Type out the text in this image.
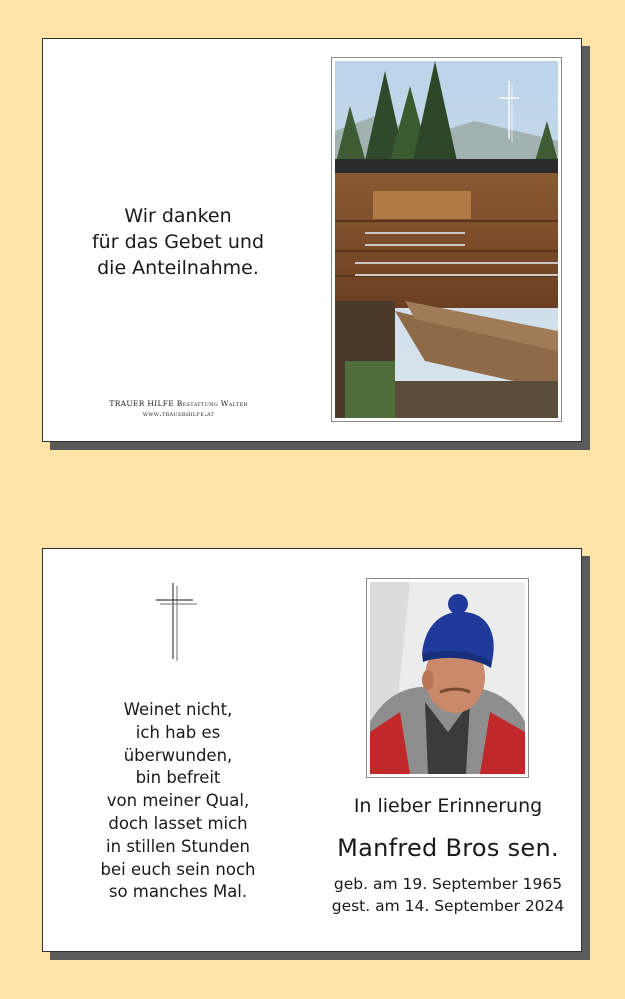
Wir danken
für das Gebet und
die Anteilnahme.
TRAUER HILFE Bestattung Walter
www.trauerhilfe.at
Weinet nicht,
ich hab es
überwunden,
bin befreit
von meiner Qual,
doch lasset mich
in stillen Stunden
bei euch sein noch
so manches Mal.
In lieber Erinnerung
Manfred Bros sen.
geb. am 19. September 1965
gest. am 14. September 2024
